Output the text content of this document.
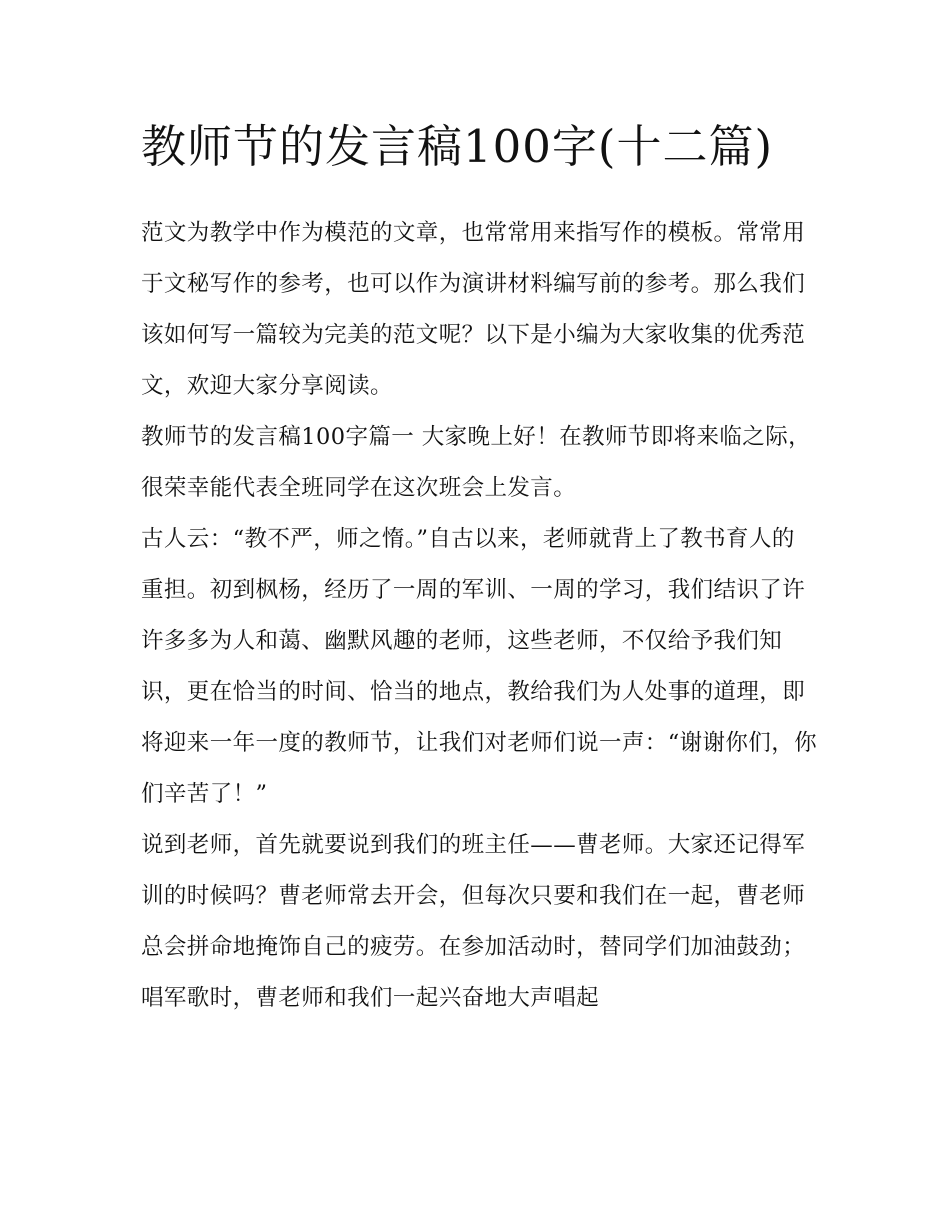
教师节的发言稿100字(十二篇)

范文为教学中作为模范的文章，也常常用来指写作的模板。常常用于文秘写作的参考，也可以作为演讲材料编写前的参考。那么我们该如何写一篇较为完美的范文呢？以下是小编为大家收集的优秀范文，欢迎大家分享阅读。

教师节的发言稿100字篇一 大家晚上好！在教师节即将来临之际，很荣幸能代表全班同学在这次班会上发言。

古人云：“教不严，师之惰。”自古以来，老师就背上了教书育人的重担。初到枫杨，经历了一周的军训、一周的学习，我们结识了许许多多为人和蔼、幽默风趣的老师，这些老师，不仅给予我们知识，更在恰当的时间、恰当的地点，教给我们为人处事的道理，即将迎来一年一度的教师节，让我们对老师们说一声：“谢谢你们，你们辛苦了！”

说到老师，首先就要说到我们的班主任——曹老师。大家还记得军训的时候吗？曹老师常去开会，但每次只要和我们在一起，曹老师总会拼命地掩饰自己的疲劳。在参加活动时，替同学们加油鼓劲；唱军歌时，曹老师和我们一起兴奋地大声唱起
